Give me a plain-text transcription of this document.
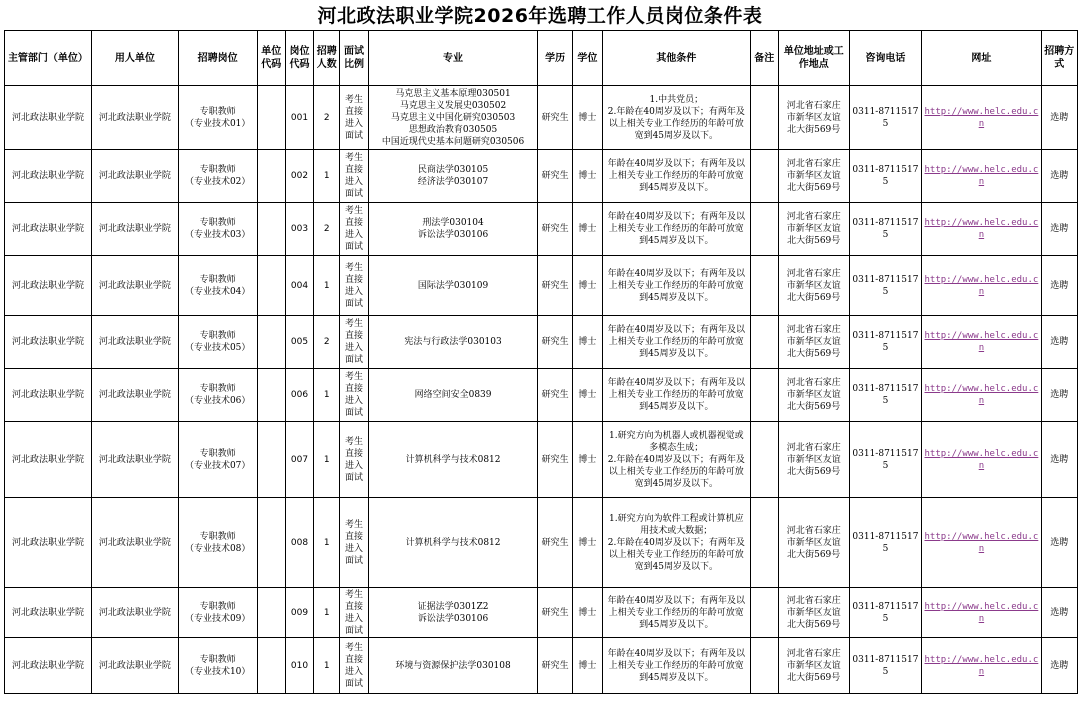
河北政法职业学院2026年选聘工作人员岗位条件表
主管部门（单位）	用人单位	招聘岗位	单位代码	岗位代码	招聘人数	面试比例	专业	学历	学位	其他条件	备注	单位地址或工作地点	咨询电话	网址	招聘方式
河北政法职业学院	河北政法职业学院	专职教师
（专业技术01）		001	2	考生
直接
进入
面试	马克思主义基本原理030501
马克思主义发展史030502
马克思主义中国化研究030503
思想政治教育030505
中国近现代史基本问题研究030506	研究生	博士	1.中共党员；
2.年龄在40周岁及以下；有两年及以上相关专业工作经历的年龄可放宽到45周岁及以下。		河北省石家庄
市新华区友谊
北大街569号	0311-87115175	http://www.helc.edu.cn	选聘
河北政法职业学院	河北政法职业学院	专职教师
（专业技术02）		002	1	考生
直接
进入
面试	民商法学030105
经济法学030107	研究生	博士	年龄在40周岁及以下；有两年及以上相关专业工作经历的年龄可放宽到45周岁及以下。		河北省石家庄
市新华区友谊
北大街569号	0311-87115175	http://www.helc.edu.cn	选聘
河北政法职业学院	河北政法职业学院	专职教师
（专业技术03）		003	2	考生
直接
进入
面试	刑法学030104
诉讼法学030106	研究生	博士	年龄在40周岁及以下；有两年及以上相关专业工作经历的年龄可放宽到45周岁及以下。		河北省石家庄
市新华区友谊
北大街569号	0311-87115175	http://www.helc.edu.cn	选聘
河北政法职业学院	河北政法职业学院	专职教师
（专业技术04）		004	1	考生
直接
进入
面试	国际法学030109	研究生	博士	年龄在40周岁及以下；有两年及以上相关专业工作经历的年龄可放宽到45周岁及以下。		河北省石家庄
市新华区友谊
北大街569号	0311-87115175	http://www.helc.edu.cn	选聘
河北政法职业学院	河北政法职业学院	专职教师
（专业技术05）		005	2	考生
直接
进入
面试	宪法与行政法学030103	研究生	博士	年龄在40周岁及以下；有两年及以上相关专业工作经历的年龄可放宽到45周岁及以下。		河北省石家庄
市新华区友谊
北大街569号	0311-87115175	http://www.helc.edu.cn	选聘
河北政法职业学院	河北政法职业学院	专职教师
（专业技术06）		006	1	考生
直接
进入
面试	网络空间安全0839	研究生	博士	年龄在40周岁及以下；有两年及以上相关专业工作经历的年龄可放宽到45周岁及以下。		河北省石家庄
市新华区友谊
北大街569号	0311-87115175	http://www.helc.edu.cn	选聘
河北政法职业学院	河北政法职业学院	专职教师
（专业技术07）		007	1	考生
直接
进入
面试	计算机科学与技术0812	研究生	博士	1.研究方向为机器人或机器视觉或多模态生成；
2.年龄在40周岁及以下；有两年及以上相关专业工作经历的年龄可放宽到45周岁及以下。		河北省石家庄
市新华区友谊
北大街569号	0311-87115175	http://www.helc.edu.cn	选聘
河北政法职业学院	河北政法职业学院	专职教师
（专业技术08）		008	1	考生
直接
进入
面试	计算机科学与技术0812	研究生	博士	1.研究方向为软件工程或计算机应用技术或大数据；
2.年龄在40周岁及以下；有两年及以上相关专业工作经历的年龄可放宽到45周岁及以下。		河北省石家庄
市新华区友谊
北大街569号	0311-87115175	http://www.helc.edu.cn	选聘
河北政法职业学院	河北政法职业学院	专职教师
（专业技术09）		009	1	考生
直接
进入
面试	证据法学0301Z2
诉讼法学030106	研究生	博士	年龄在40周岁及以下；有两年及以上相关专业工作经历的年龄可放宽到45周岁及以下。		河北省石家庄
市新华区友谊
北大街569号	0311-87115175	http://www.helc.edu.cn	选聘
河北政法职业学院	河北政法职业学院	专职教师
（专业技术10）		010	1	考生
直接
进入
面试	环境与资源保护法学030108	研究生	博士	年龄在40周岁及以下；有两年及以上相关专业工作经历的年龄可放宽到45周岁及以下。		河北省石家庄
市新华区友谊
北大街569号	0311-87115175	http://www.helc.edu.cn	选聘
